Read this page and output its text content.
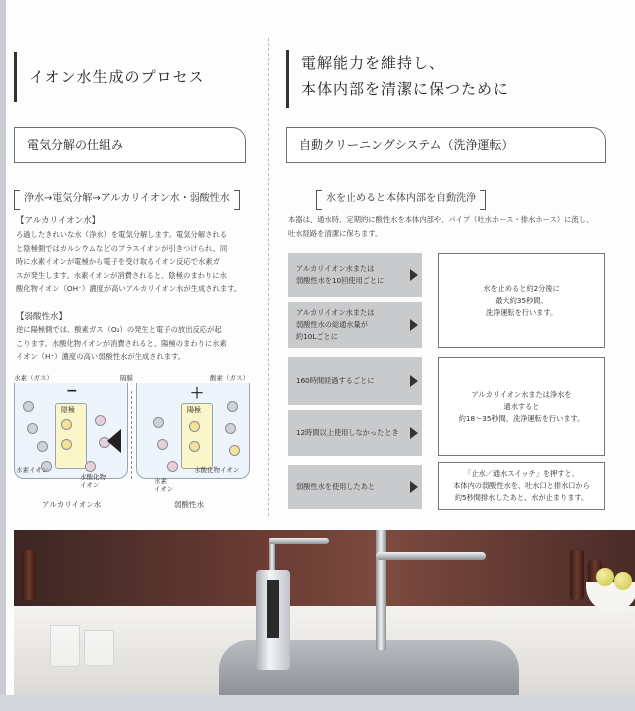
イオン水生成のプロセス
電気分解の仕組み
浄水→電気分解→アルカリイオン水・弱酸性水
【アルカリイオン水】
ろ過したきれいな水（浄水）を電気分解します。電気分解される
と陰極側ではカルシウムなどのプラスイオンが引きつけられ、同
時に水素イオンが電極から電子を受け取るイオン反応で水素ガ
スが発生します。水素イオンが消費されると、陰極のまわりに水
酸化物イオン（OH⁻）濃度が高いアルカリイオン水が生成されます。
【弱酸性水】
逆に陽極側では、酸素ガス（O₂）の発生と電子の放出反応が起
こります。水酸化物イオンが消費されると、陽極のまわりに水素
イオン（H⁺）濃度の高い弱酸性水が生成されます。
水素（ガス）	隔膜	酸素（ガス）
−
陰極
＋
陽極
水素イオン
水酸化物
イオン	水素
イオン
水酸化物イオン
アルカリイオン水	弱酸性水
電解能力を維持し、
本体内部を清潔に保つために
自動クリーニングシステム（洗浄運転）
水を止めると本体内部を自動洗浄
本器は、通水時、定期的に酸性水を本体内部や、パイプ（吐水ホース・排水ホース）に流し、
吐水経路を清潔に保ちます。
アルカリイオン水または
弱酸性水を10回使用ごとに
アルカリイオン水または
弱酸性水の総通水量が
約10Lごとに
160時間経過するごとに
12時間以上使用しなかったとき
弱酸性水を使用したあと
水を止めると約2分後に
最大約35秒間、
洗浄運転を行います。
アルカリイオン水または浄水を
通水すると
約18〜35秒間、洗浄運転を行います。
「止水／通水スイッチ」を押すと、
本体内の弱酸性水を、吐水口と排水口から
約5秒間排水したあと、水が止まります。
